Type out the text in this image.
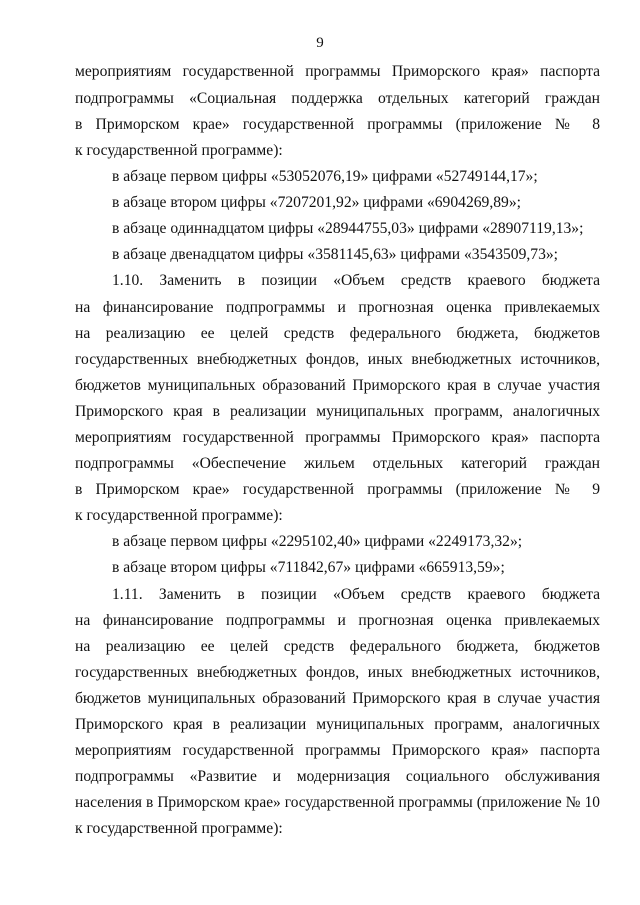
9
мероприятиям государственной программы Приморского края» паспорта
подпрограммы «Социальная поддержка отдельных категорий граждан
в Приморском крае» государственной программы (приложение № 8
к государственной программе):
в абзаце первом цифры «53052076,19» цифрами «52749144,17»;
в абзаце втором цифры «7207201,92» цифрами «6904269,89»;
в абзаце одиннадцатом цифры «28944755,03» цифрами «28907119,13»;
в абзаце двенадцатом цифры «3581145,63» цифрами «3543509,73»;
1.10. Заменить в позиции «Объем средств краевого бюджета
на финансирование подпрограммы и прогнозная оценка привлекаемых
на реализацию ее целей средств федерального бюджета, бюджетов
государственных внебюджетных фондов, иных внебюджетных источников,
бюджетов муниципальных образований Приморского края в случае участия
Приморского края в реализации муниципальных программ, аналогичных
мероприятиям государственной программы Приморского края» паспорта
подпрограммы «Обеспечение жильем отдельных категорий граждан
в Приморском крае» государственной программы (приложение № 9
к государственной программе):
в абзаце первом цифры «2295102,40» цифрами «2249173,32»;
в абзаце втором цифры «711842,67» цифрами «665913,59»;
1.11. Заменить в позиции «Объем средств краевого бюджета
на финансирование подпрограммы и прогнозная оценка привлекаемых
на реализацию ее целей средств федерального бюджета, бюджетов
государственных внебюджетных фондов, иных внебюджетных источников,
бюджетов муниципальных образований Приморского края в случае участия
Приморского края в реализации муниципальных программ, аналогичных
мероприятиям государственной программы Приморского края» паспорта
подпрограммы «Развитие и модернизация социального обслуживания
населения в Приморском крае» государственной программы (приложение № 10
к государственной программе):
